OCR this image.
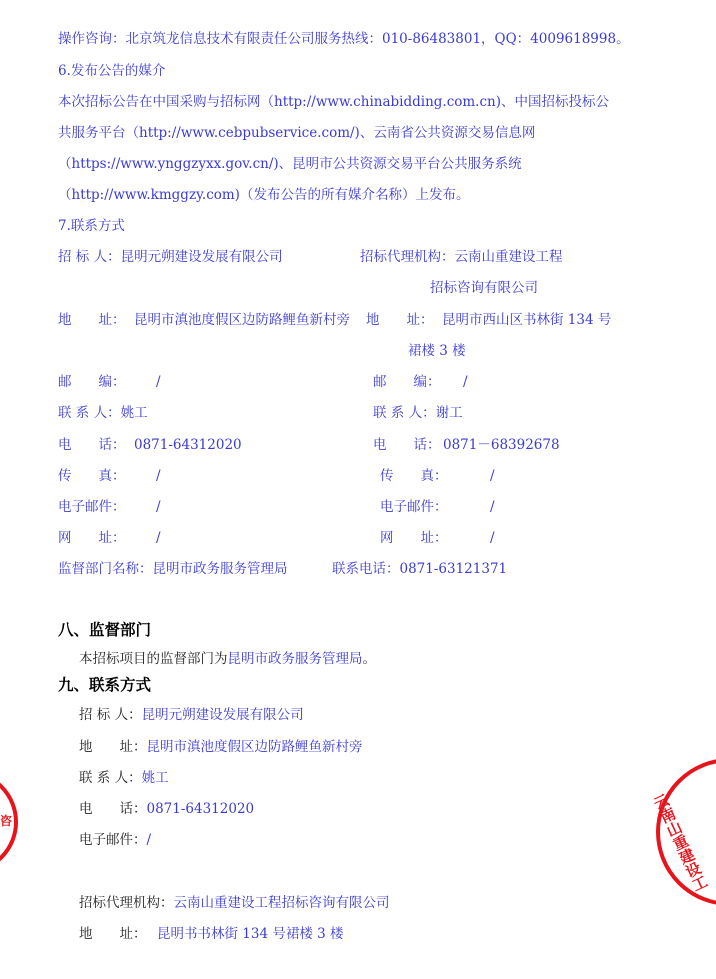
操作咨询：北京筑龙信息技术有限责任公司服务热线：010-86483801，QQ：4009618998。
6.发布公告的媒介
本次招标公告在中国采购与招标网（http://www.chinabidding.com.cn)、中国招标投标公
共服务平台（http://www.cebpubservice.com/)、云南省公共资源交易信息网
（https://www.ynggzyxx.gov.cn/)、昆明市公共资源交易平台公共服务系统
（http://www.kmggzy.com)（发布公告的所有媒介名称）上发布。
7.联系方式
招 标 人：昆明元朔建设发展有限公司	招标代理机构：云南山重建设工程
招标咨询有限公司
地　　址： 昆明市滇池度假区边防路鲤鱼新村旁 地　　址： 昆明市西山区书林街 134 号
裙楼 3 楼
邮　　编： /	邮　　编： /
联 系 人：姚工	联 系 人：谢工
电　　话： 0871-64312020	电　　话： 0871－68392678
传　　真： /	传　　真：	/
电子邮件： /	电子邮件：	/
网　　址： /	网　　址：	/
监督部门名称：昆明市政务服务管理局	联系电话：0871-63121371
八、监督部门
本招标项目的监督部门为昆明市政务服务管理局。
九、联系方式
招 标 人：昆明元朔建设发展有限公司
地　　址：昆明市滇池度假区边防路鲤鱼新村旁
联 系 人：姚工
电　　话：0871-64312020
电子邮件：/
招标代理机构：云南山重建设工程招标咨询有限公司
地　　址： 昆明书书林街 134 号裙楼 3 楼
咨	云南山重建设工
